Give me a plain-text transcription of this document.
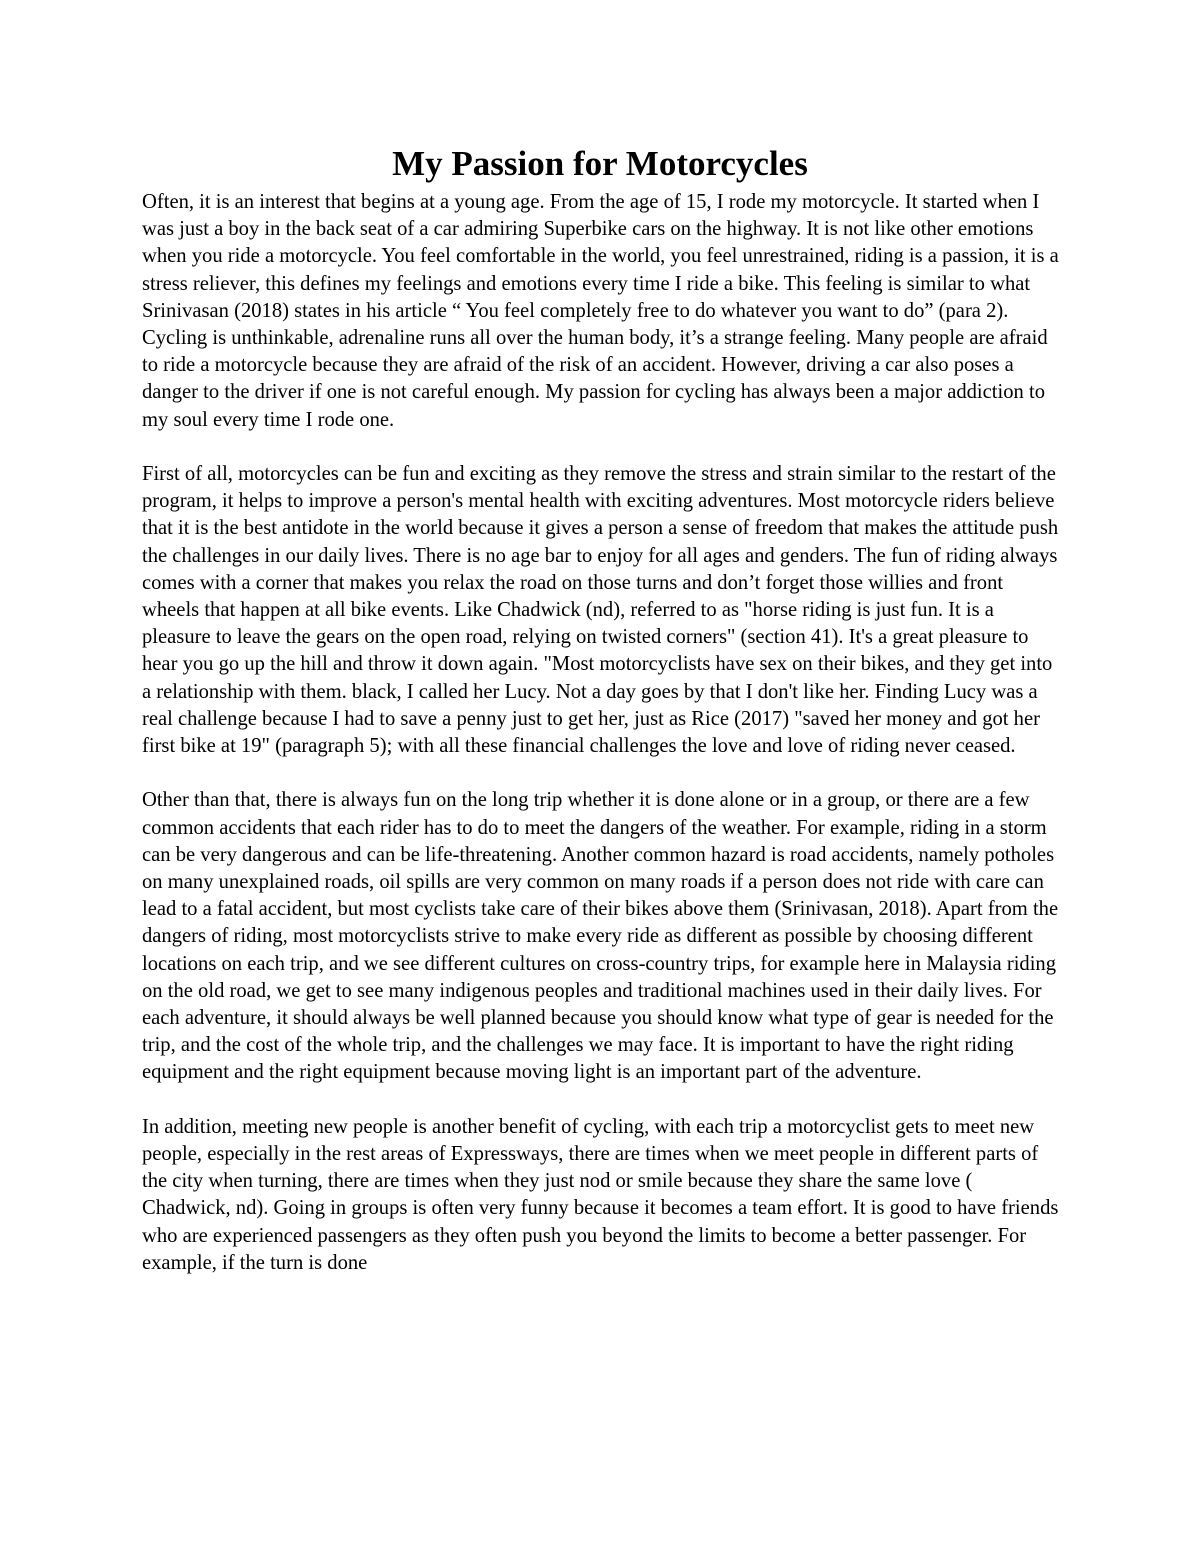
My Passion for Motorcycles

Often, it is an interest that begins at a young age. From the age of 15, I rode my motorcycle. It started when I was just a boy in the back seat of a car admiring Superbike cars on the highway. It is not like other emotions when you ride a motorcycle. You feel comfortable in the world, you feel unrestrained, riding is a passion, it is a stress reliever, this defines my feelings and emotions every time I ride a bike. This feeling is similar to what Srinivasan (2018) states in his article “ You feel completely free to do whatever you want to do” (para 2). Cycling is unthinkable, adrenaline runs all over the human body, it’s a strange feeling. Many people are afraid to ride a motorcycle because they are afraid of the risk of an accident. However, driving a car also poses a danger to the driver if one is not careful enough. My passion for cycling has always been a major addiction to my soul every time I rode one.

First of all, motorcycles can be fun and exciting as they remove the stress and strain similar to the restart of the program, it helps to improve a person's mental health with exciting adventures. Most motorcycle riders believe that it is the best antidote in the world because it gives a person a sense of freedom that makes the attitude push the challenges in our daily lives. There is no age bar to enjoy for all ages and genders. The fun of riding always comes with a corner that makes you relax the road on those turns and don’t forget those willies and front wheels that happen at all bike events. Like Chadwick (nd), referred to as "horse riding is just fun. It is a pleasure to leave the gears on the open road, relying on twisted corners" (section 41). It's a great pleasure to hear you go up the hill and throw it down again. "Most motorcyclists have sex on their bikes, and they get into a relationship with them. black, I called her Lucy. Not a day goes by that I don't like her. Finding Lucy was a real challenge because I had to save a penny just to get her, just as Rice (2017) "saved her money and got her first bike at 19" (paragraph 5); with all these financial challenges the love and love of riding never ceased.

Other than that, there is always fun on the long trip whether it is done alone or in a group, or there are a few common accidents that each rider has to do to meet the dangers of the weather. For example, riding in a storm can be very dangerous and can be life-threatening. Another common hazard is road accidents, namely potholes on many unexplained roads, oil spills are very common on many roads if a person does not ride with care can lead to a fatal accident, but most cyclists take care of their bikes above them (Srinivasan, 2018). Apart from the dangers of riding, most motorcyclists strive to make every ride as different as possible by choosing different locations on each trip, and we see different cultures on cross-country trips, for example here in Malaysia riding on the old road, we get to see many indigenous peoples and traditional machines used in their daily lives. For each adventure, it should always be well planned because you should know what type of gear is needed for the trip, and the cost of the whole trip, and the challenges we may face. It is important to have the right riding equipment and the right equipment because moving light is an important part of the adventure.

In addition, meeting new people is another benefit of cycling, with each trip a motorcyclist gets to meet new people, especially in the rest areas of Expressways, there are times when we meet people in different parts of the city when turning, there are times when they just nod or smile because they share the same love ( Chadwick, nd). Going in groups is often very funny because it becomes a team effort. It is good to have friends who are experienced passengers as they often push you beyond the limits to become a better passenger. For example, if the turn is done
